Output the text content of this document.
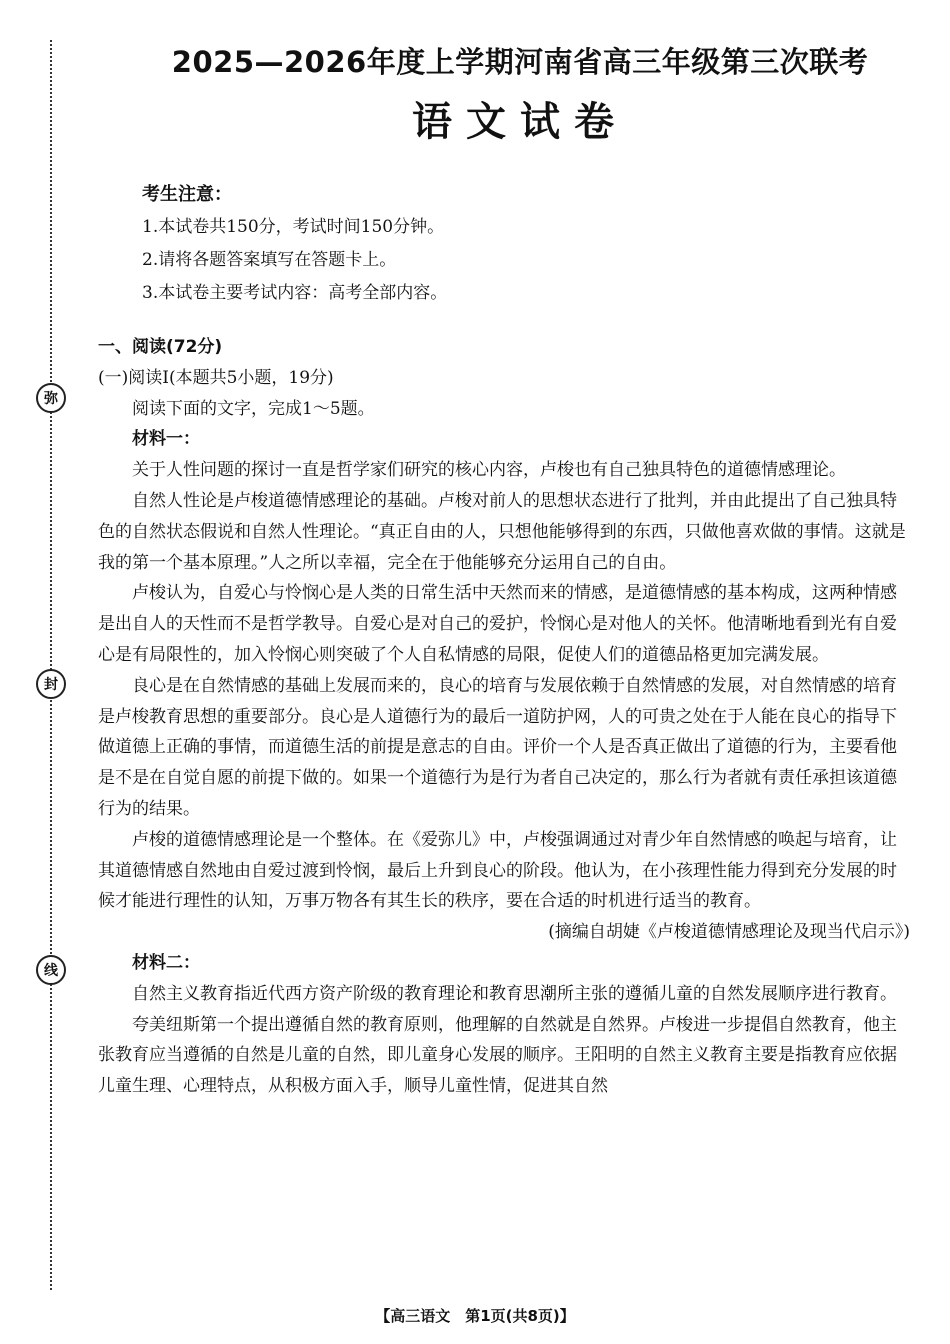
弥
封
线
2025—2026年度上学期河南省高三年级第三次联考
语文试卷
考生注意：
1.本试卷共150分，考试时间150分钟。
2.请将各题答案填写在答题卡上。
3.本试卷主要考试内容：高考全部内容。

一、阅读(72分)

(一)阅读Ⅰ(本题共5小题，19分)

阅读下面的文字，完成1～5题。

材料一：

关于人性问题的探讨一直是哲学家们研究的核心内容，卢梭也有自己独具特色的道德情感理论。

自然人性论是卢梭道德情感理论的基础。卢梭对前人的思想状态进行了批判，并由此提出了自己独具特色的自然状态假说和自然人性理论。“真正自由的人，只想他能够得到的东西，只做他喜欢做的事情。这就是我的第一个基本原理。”人之所以幸福，完全在于他能够充分运用自己的自由。

卢梭认为，自爱心与怜悯心是人类的日常生活中天然而来的情感，是道德情感的基本构成，这两种情感是出自人的天性而不是哲学教导。自爱心是对自己的爱护，怜悯心是对他人的关怀。他清晰地看到光有自爱心是有局限性的，加入怜悯心则突破了个人自私情感的局限，促使人们的道德品格更加完满发展。

良心是在自然情感的基础上发展而来的，良心的培育与发展依赖于自然情感的发展，对自然情感的培育是卢梭教育思想的重要部分。良心是人道德行为的最后一道防护网，人的可贵之处在于人能在良心的指导下做道德上正确的事情，而道德生活的前提是意志的自由。评价一个人是否真正做出了道德的行为，主要看他是不是在自觉自愿的前提下做的。如果一个道德行为是行为者自己决定的，那么行为者就有责任承担该道德行为的结果。

卢梭的道德情感理论是一个整体。在《爱弥儿》中，卢梭强调通过对青少年自然情感的唤起与培育，让其道德情感自然地由自爱过渡到怜悯，最后上升到良心的阶段。他认为，在小孩理性能力得到充分发展的时候才能进行理性的认知，万事万物各有其生长的秩序，要在合适的时机进行适当的教育。

(摘编自胡婕《卢梭道德情感理论及现当代启示》)

材料二：

自然主义教育指近代西方资产阶级的教育理论和教育思潮所主张的遵循儿童的自然发展顺序进行教育。

夸美纽斯第一个提出遵循自然的教育原则，他理解的自然就是自然界。卢梭进一步提倡自然教育，他主张教育应当遵循的自然是儿童的自然，即儿童身心发展的顺序。王阳明的自然主义教育主要是指教育应依据儿童生理、心理特点，从积极方面入手，顺导儿童性情，促进其自然

【高三语文　第1页(共8页)】
